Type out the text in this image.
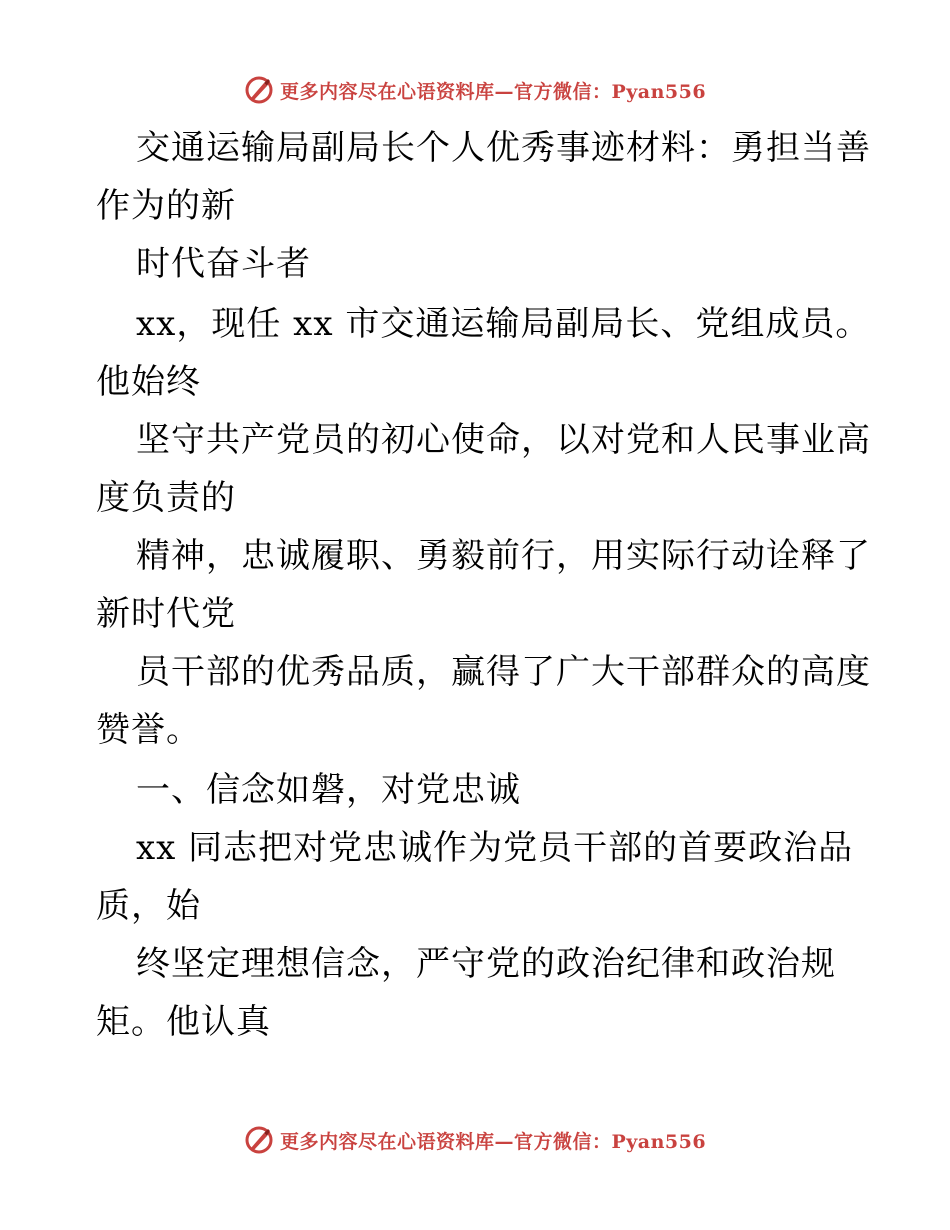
更多内容尽在心语资料库—官方微信：Pyan556
交通运输局副局长个人优秀事迹材料：勇担当善
作为的新
时代奋斗者
xx，现任 xx 市交通运输局副局长、党组成员。
他始终
坚守共产党员的初心使命，以对党和人民事业高
度负责的
精神，忠诚履职、勇毅前行，用实际行动诠释了
新时代党
员干部的优秀品质，赢得了广大干部群众的高度
赞誉。
一、信念如磐，对党忠诚
xx 同志把对党忠诚作为党员干部的首要政治品
质，始
终坚定理想信念，严守党的政治纪律和政治规
矩。他认真
更多内容尽在心语资料库—官方微信：Pyan556
